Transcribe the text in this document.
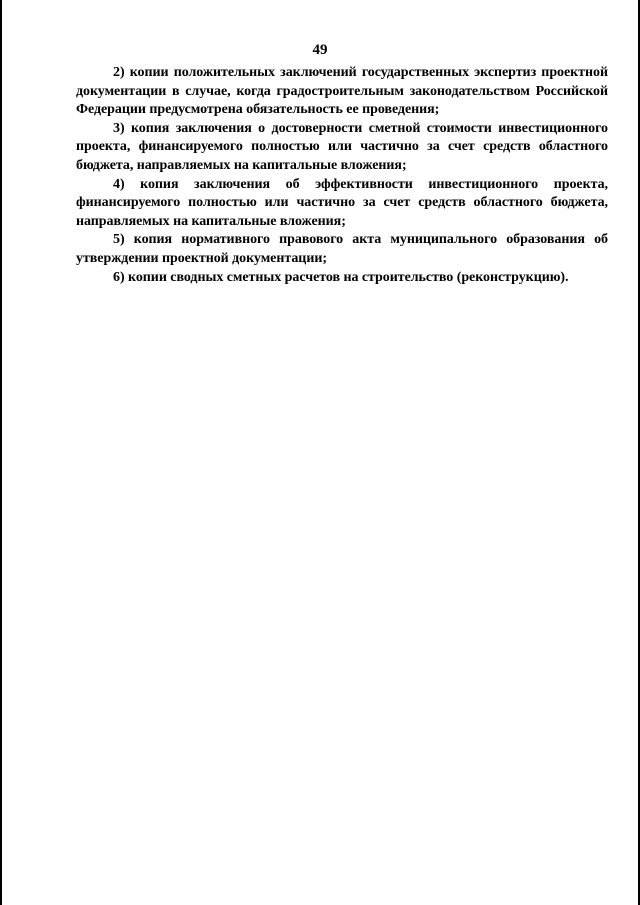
49

2) копии положительных заключений государственных экспертиз проектной документации в случае, когда градостроительным законодательством Российской Федерации предусмотрена обязательность ее проведения;

3) копия заключения о достоверности сметной стоимости инвестиционного проекта, финансируемого полностью или частично за счет средств областного бюджета, направляемых на капитальные вложения;

4) копия заключения об эффективности инвестиционного проекта, финансируемого полностью или частично за счет средств областного бюджета, направляемых на капитальные вложения;

5) копия нормативного правового акта муниципального образования об утверждении проектной документации;

6) копии сводных сметных расчетов на строительство (реконструкцию).
